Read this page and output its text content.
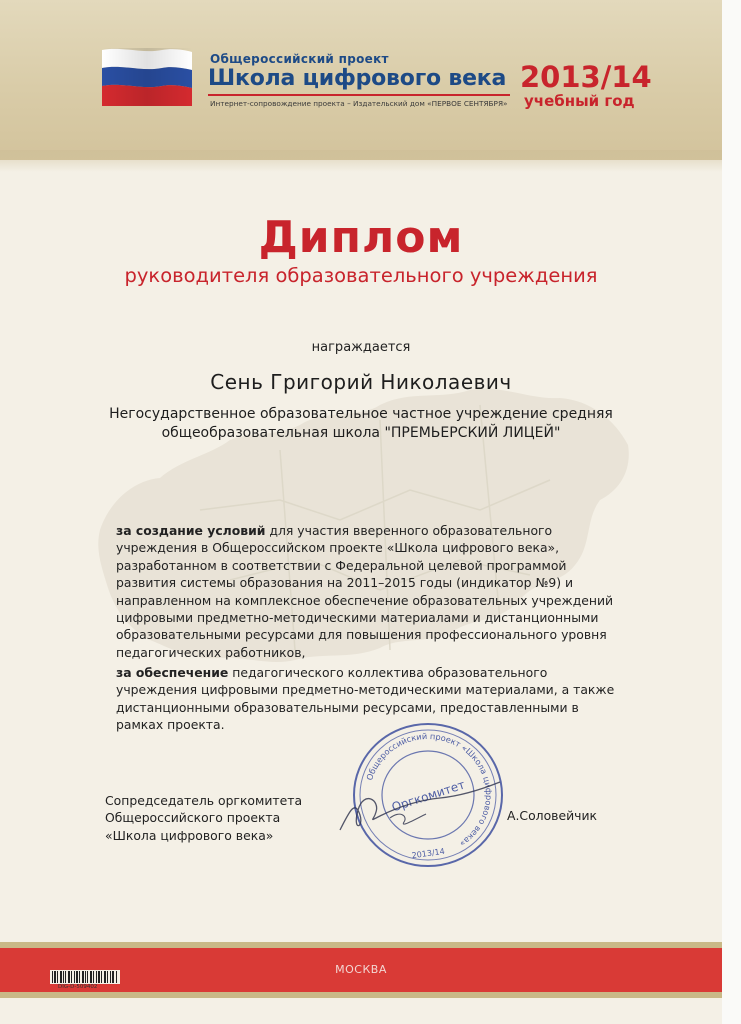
Общероссийский проект
Школа цифрового века
Интернет-сопровождение проекта – Издательский дом «ПЕРВОЕ СЕНТЯБРЯ»
2013/14
учебный год
Диплом
руководителя образовательного учреждения
награждается
Сень Григорий Николаевич
Негосударственное образовательное частное учреждение средняя общеобразовательная школа "ПРЕМЬЕРСКИЙ ЛИЦЕЙ"
за создание условий для участия вверенного образовательного учреждения в Общероссийском проекте «Школа цифрового века», разработанном в соответствии с Федеральной целевой программой развития системы образования на 2011–2015 годы (индикатор №9) и направленном на комплексное обеспечение образовательных учреждений цифровыми предметно-методическими материалами и дистанционными образовательными ресурсами для повышения профессионального уровня педагогических работников,
за обеспечение педагогического коллектива образовательного учреждения цифровыми предметно-методическими материалами, а также дистанционными образовательными ресурсами, предоставленными в рамках проекта.
Сопредседатель оргкомитета
Общероссийского проекта
«Школа цифрового века»
А.Соловейчик
Общероссийский проект «Школа цифрового века»
Оргкомитет
2013/14
МОСКВА
DIG-D-509402
